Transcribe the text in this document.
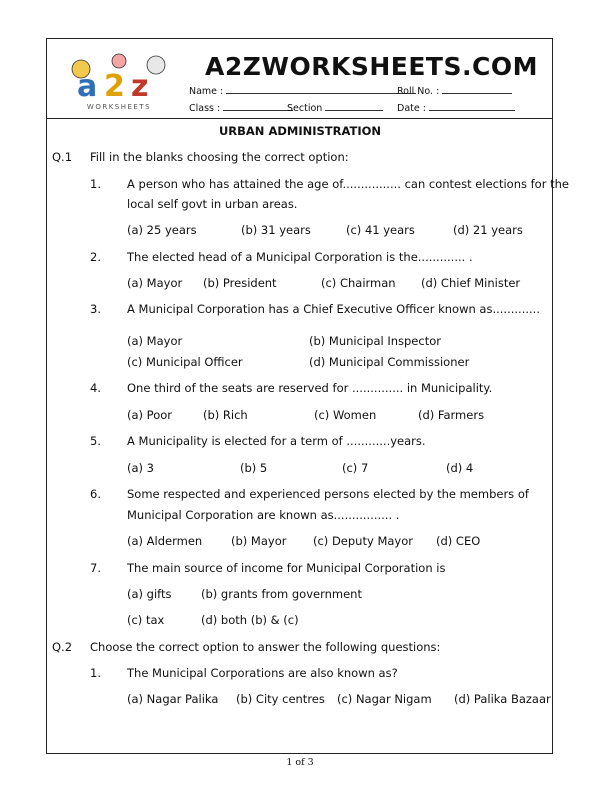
a 2 z
WORKSHEETS
A2ZWORKSHEETS.COM
Name :	Roll No. :
Class :	Section	Date :
URBAN ADMINISTRATION
Q.1 Fill in the blanks choosing the correct option:
1. A person who has attained the age of................ can contest elections for the
local self govt in urban areas.
(a) 25 years	(b) 31 years	(c) 41 years	(d) 21 years
2. The elected head of a Municipal Corporation is the............. .
(a) Mayor (b) President	(c) Chairman (d) Chief Minister
3. A Municipal Corporation has a Chief Executive Officer known as.............
(a) Mayor	(b) Municipal Inspector
(c) Municipal Officer	(d) Municipal Commissioner
4. One third of the seats are reserved for .............. in Municipality.
(a) Poor	(b) Rich	(c) Women	(d) Farmers
5. A Municipality is elected for a term of ............years.
(a) 3	(b) 5	(c) 7	(d) 4
6. Some respected and experienced persons elected by the members of
Municipal Corporation are known as................ .
(a) Aldermen	(b) Mayor (c) Deputy Mayor (d) CEO
7. The main source of income for Municipal Corporation is
(a) gifts	(b) grants from government
(c) tax	(d) both (b) & (c)
Q.2 Choose the correct option to answer the following questions:
1. The Municipal Corporations are also known as?
(a) Nagar Palika (b) City centres (c) Nagar Nigam (d) Palika Bazaar
1 of 3
